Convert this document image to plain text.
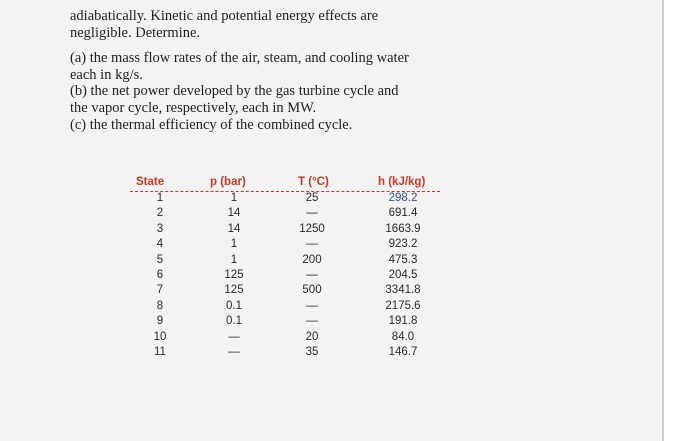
adiabatically. Kinetic and potential energy effects are

negligible. Determine.

(a) the mass flow rates of the air, steam, and cooling water

each in kg/s.

(b) the net power developed by the gas turbine cycle and

the vapor cycle, respectively, each in MW.

(c) the thermal efficiency of the combined cycle.

State	p (bar)	T (°C)	h (kJ/kg)
1	1	25	298.2
2	14	—	691.4
3	14	1250	1663.9
4	1	—	923.2
5	1	200	475.3
6	125	—	204.5
7	125	500	3341.8
8	0.1	—	2175.6
9	0.1	—	191.8
10	—	20	84.0
11	—	35	146.7
